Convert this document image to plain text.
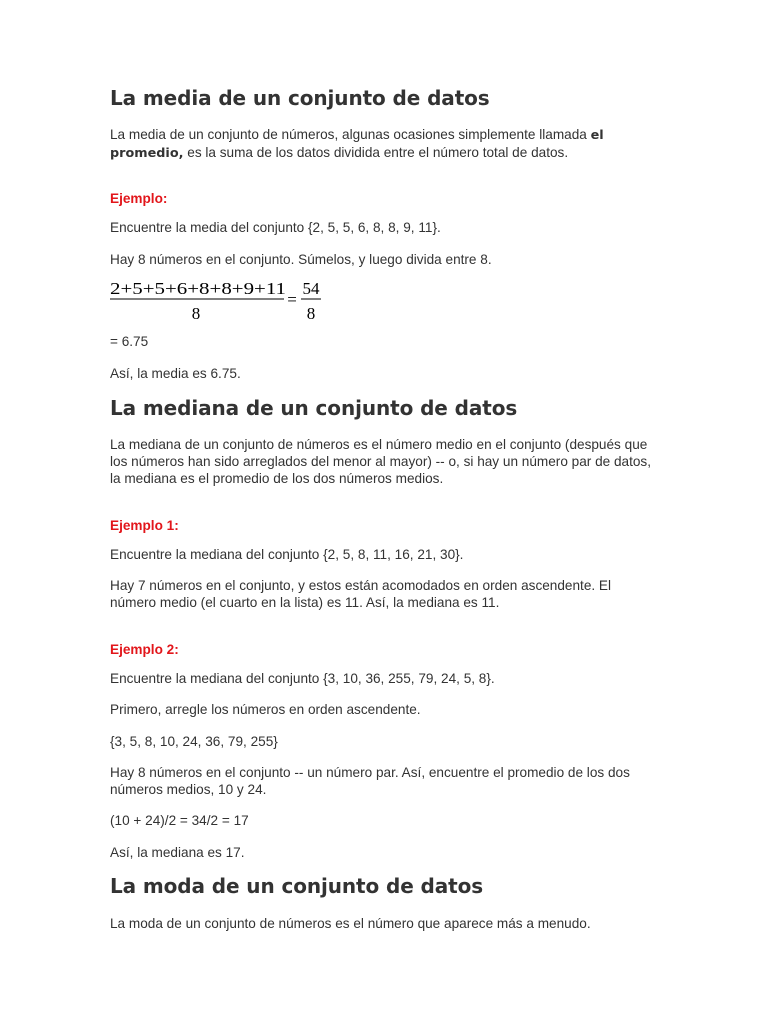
La media de un conjunto de datos

La media de un conjunto de números, algunas ocasiones simplemente llamada el promedio, es la suma de los datos dividida entre el número total de datos.

Ejemplo:

Encuentre la media del conjunto {2, 5, 5, 6, 8, 8, 9, 11}.

Hay 8 números en el conjunto. Súmelos, y luego divida entre 8.

2+5+5+6+8+8+9+11
8
=
54
8

= 6.75

Así, la media es 6.75.

La mediana de un conjunto de datos

La mediana de un conjunto de números es el número medio en el conjunto (después que los números han sido arreglados del menor al mayor) -- o, si hay un número par de datos, la mediana es el promedio de los dos números medios.

Ejemplo 1:

Encuentre la mediana del conjunto {2, 5, 8, 11, 16, 21, 30}.

Hay 7 números en el conjunto, y estos están acomodados en orden ascendente. El número medio (el cuarto en la lista) es 11. Así, la mediana es 11.

Ejemplo 2:

Encuentre la mediana del conjunto {3, 10, 36, 255, 79, 24, 5, 8}.

Primero, arregle los números en orden ascendente.

{3, 5, 8, 10, 24, 36, 79, 255}

Hay 8 números en el conjunto -- un número par. Así, encuentre el promedio de los dos números medios, 10 y 24.

(10 + 24)/2 = 34/2 = 17

Así, la mediana es 17.

La moda de un conjunto de datos

La moda de un conjunto de números es el número que aparece más a menudo.
